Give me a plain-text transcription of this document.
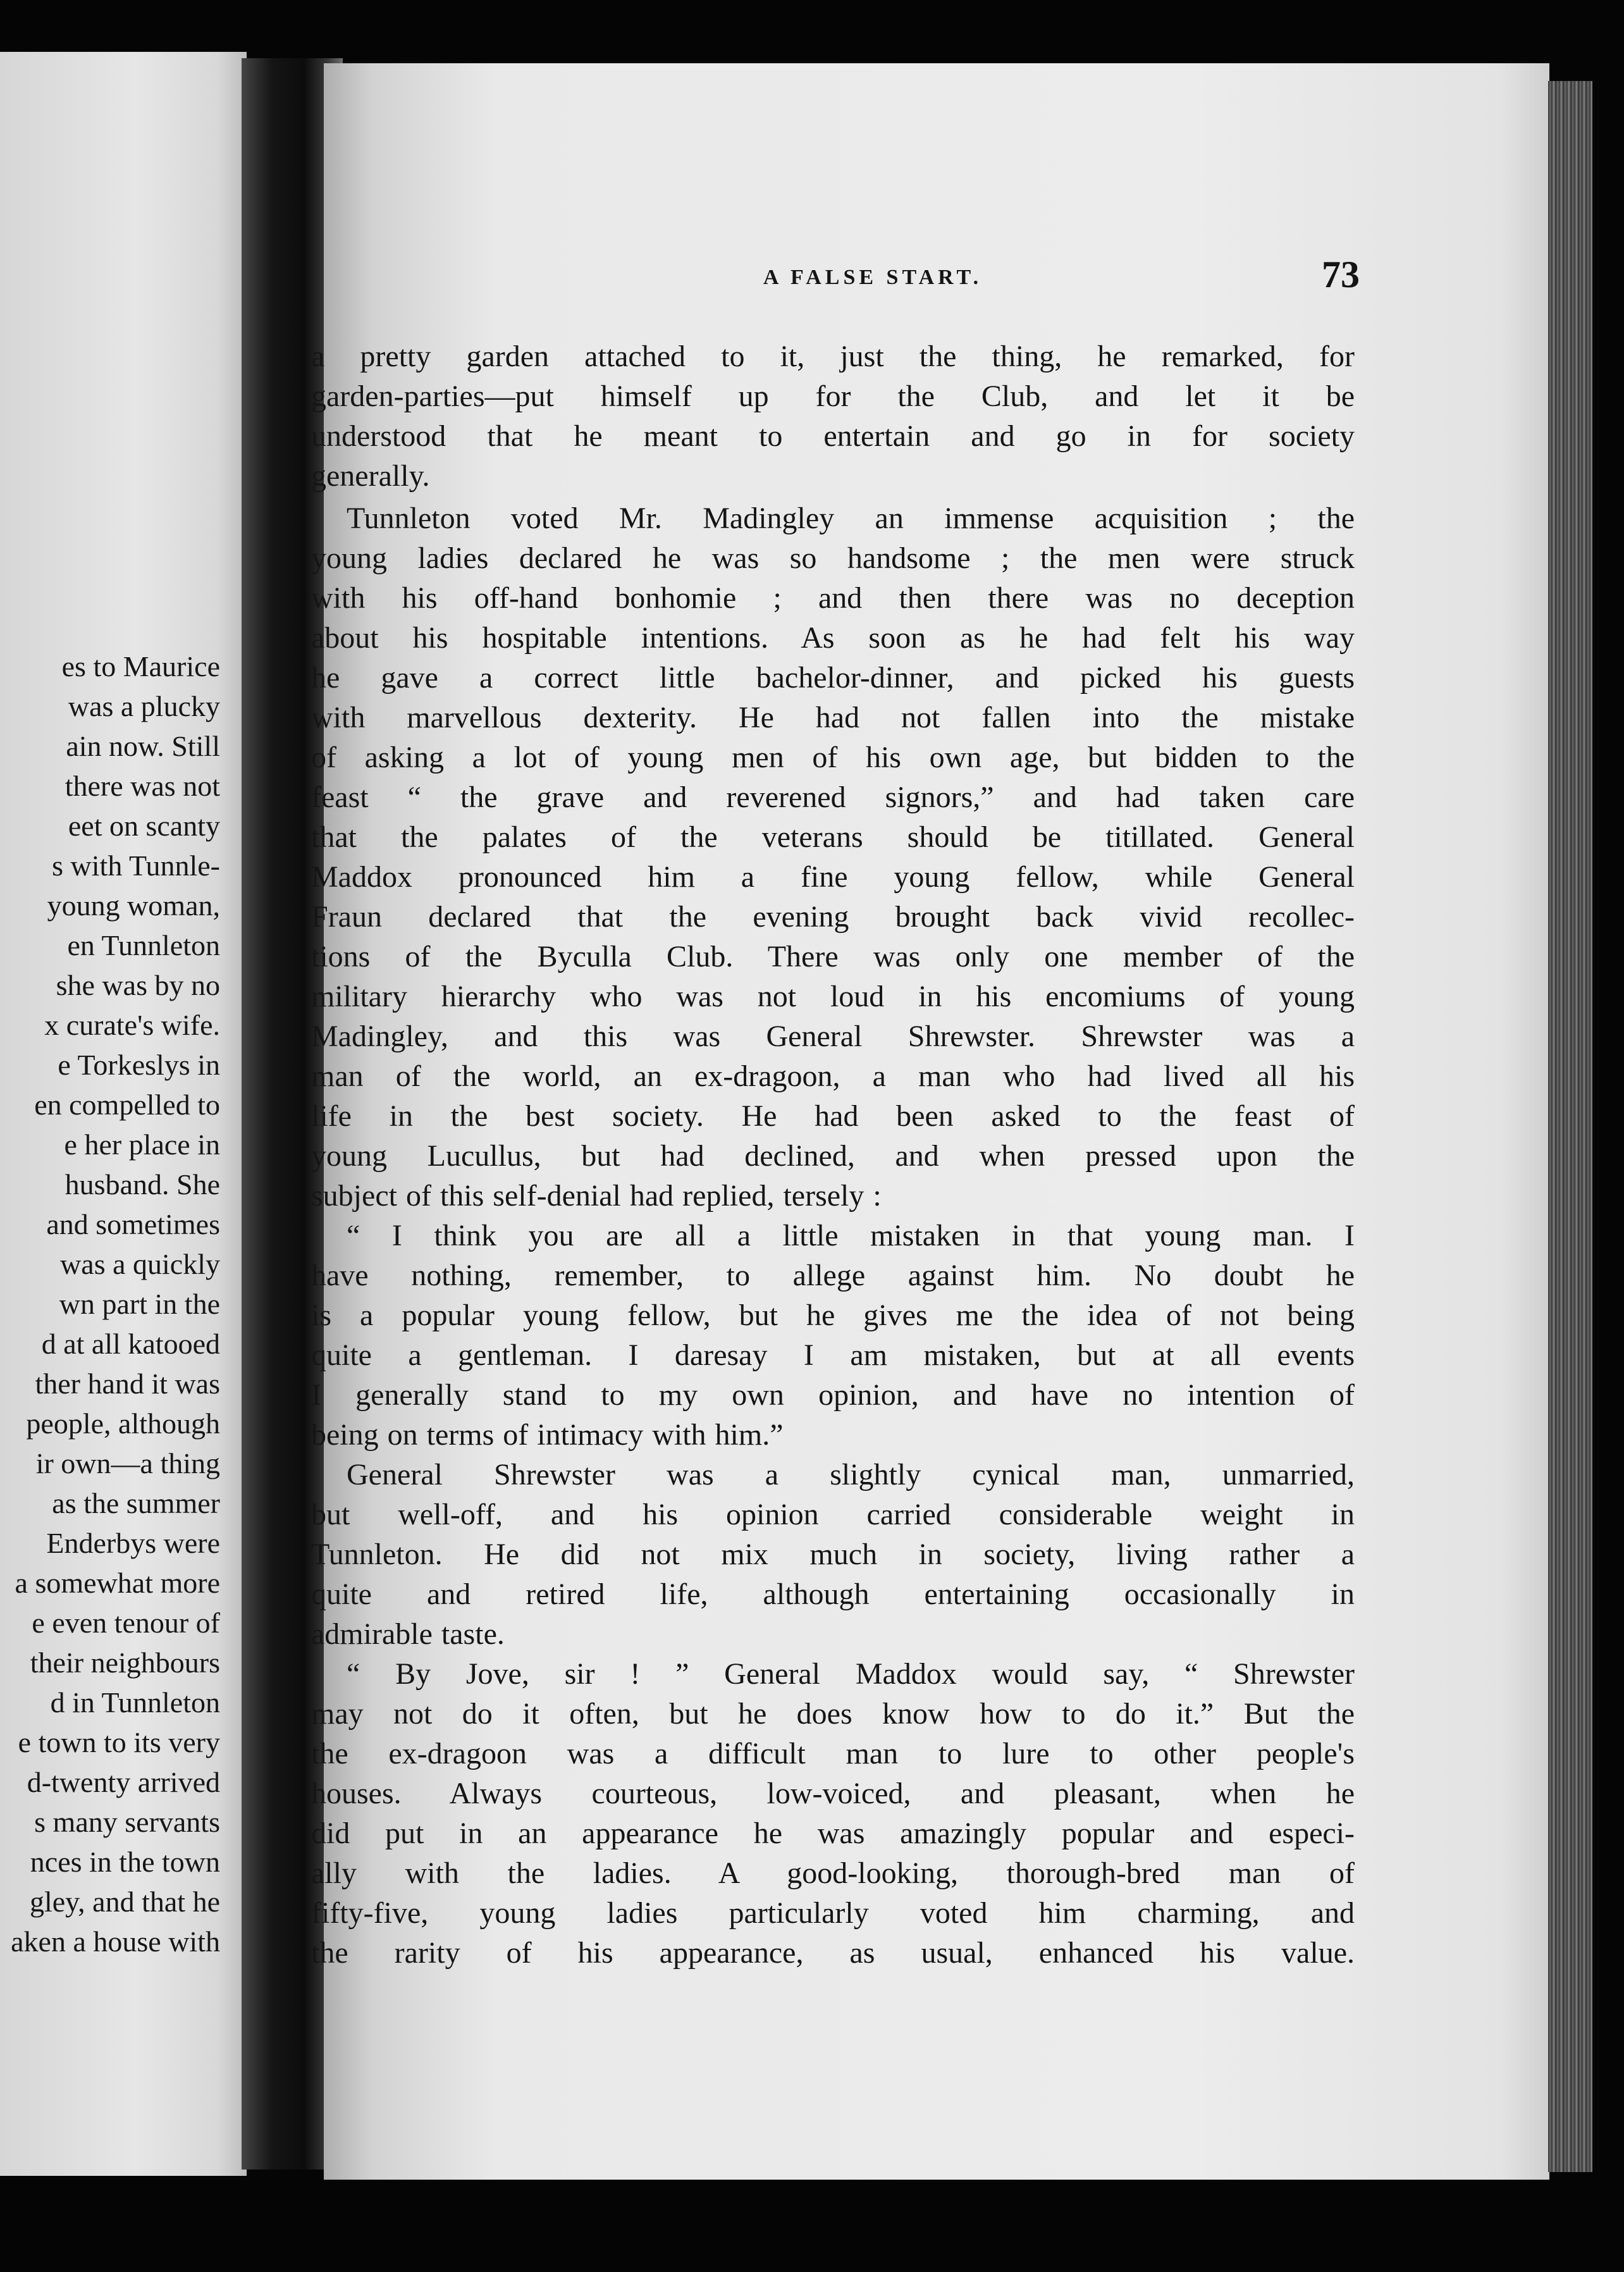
es to Maurice
was a plucky
ain now. Still
there was not
eet on scanty
s with Tunnle-
young woman,
en Tunnleton
she was by no
x curate's wife.
e Torkeslys in
en compelled to
e her place in
husband. She
and sometimes
was a quickly
wn part in the
d at all katooed
ther hand it was
people, although
ir own—a thing
as the summer
Enderbys were
a somewhat more
e even tenour of
their neighbours
d in Tunnleton
e town to its very
d-twenty arrived
s many servants
nces in the town
gley, and that he
aken a house with
A FALSE START.	73
a pretty garden attached to it, just the thing, he remarked, for
garden-parties—put himself up for the Club, and let it be
understood that he meant to entertain and go in for society
generally.
Tunnleton voted Mr. Madingley an immense acquisition ; the
young ladies declared he was so handsome ; the men were struck
with his off-hand bonhomie ; and then there was no deception
about his hospitable intentions. As soon as he had felt his way
he gave a correct little bachelor-dinner, and picked his guests
with marvellous dexterity. He had not fallen into the mistake
of asking a lot of young men of his own age, but bidden to the
feast “ the grave and reverened signors,” and had taken care
that the palates of the veterans should be titillated. General
Maddox pronounced him a fine young fellow, while General
Fraun declared that the evening brought back vivid recollec-
tions of the Byculla Club. There was only one member of the
military hierarchy who was not loud in his encomiums of young
Madingley, and this was General Shrewster. Shrewster was a
man of the world, an ex-dragoon, a man who had lived all his
life in the best society. He had been asked to the feast of
young Lucullus, but had declined, and when pressed upon the
subject of this self-denial had replied, tersely :
“ I think you are all a little mistaken in that young man. I
have nothing, remember, to allege against him. No doubt he
is a popular young fellow, but he gives me the idea of not being
quite a gentleman. I daresay I am mistaken, but at all events
I generally stand to my own opinion, and have no intention of
being on terms of intimacy with him.”
General Shrewster was a slightly cynical man, unmarried,
but well-off, and his opinion carried considerable weight in
Tunnleton. He did not mix much in society, living rather a
quite and retired life, although entertaining occasionally in
admirable taste.
“ By Jove, sir ! ” General Maddox would say, “ Shrewster
may not do it often, but he does know how to do it.” But the
the ex-dragoon was a difficult man to lure to other people's
houses. Always courteous, low-voiced, and pleasant, when he
did put in an appearance he was amazingly popular and especi-
ally with the ladies. A good-looking, thorough-bred man of
fifty-five, young ladies particularly voted him charming, and
the rarity of his appearance, as usual, enhanced his value.
